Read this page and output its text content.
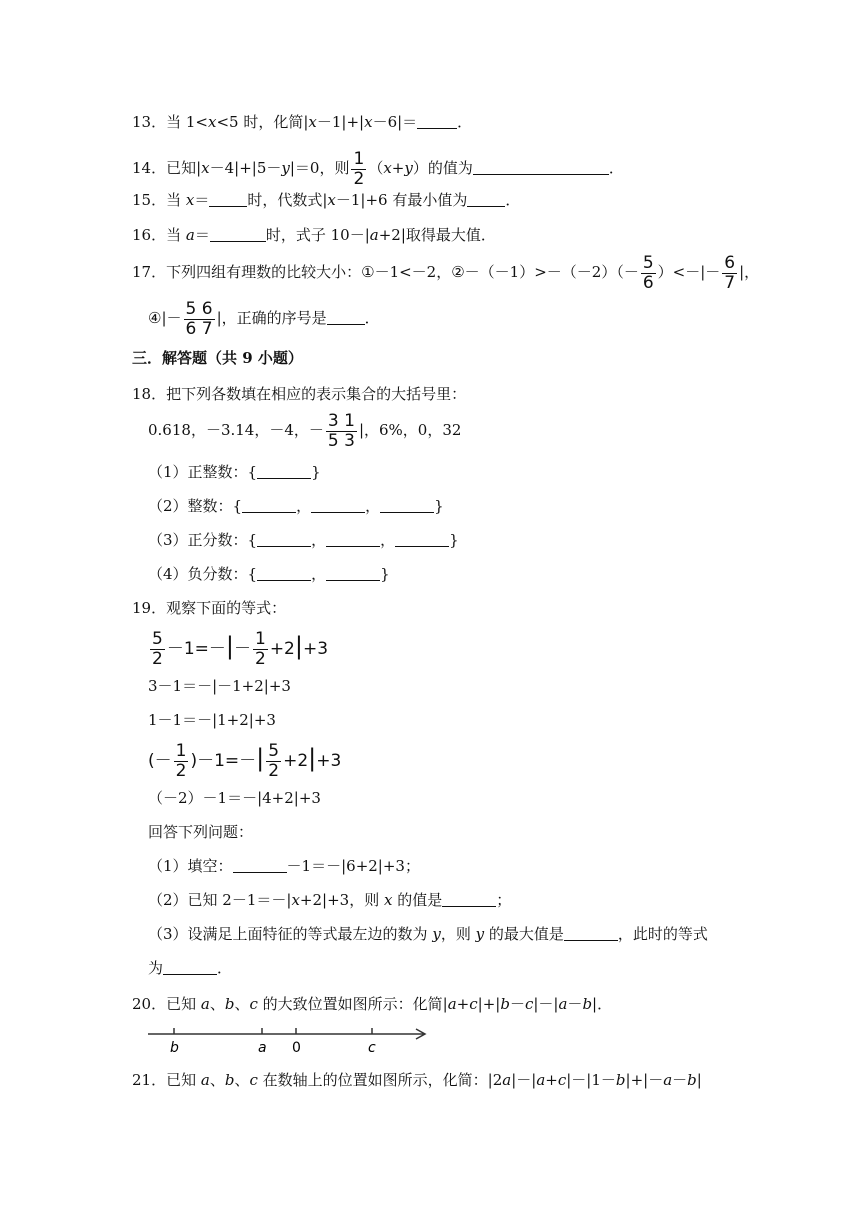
13．当 1<x<5 时，化简|x－1|+|x－6|＝	．
14．已知|x－4|+|5－y|＝0，则 $\frac{1}{2} (x+y)$的值为	．
15．当 x＝	时，代数式|x－1|+6 有最小值为	．
16．当 a＝	时，式子 10－|a+2|取得最大值．
17．下列四组有理数的比较大小：①－1<－2，②－（－1）>－（－2）（－ $\frac{5}{6}$ ）<－|－ $\frac{6}{7}$ |，
④|－ $\frac{5 6}{6 7}$ |，正确的序号是	．
三．解答题（共 9 小题）
18．把下列各数填在相应的表示集合的大括号里：
0.618，－3.14，－4，－ $\frac{3 1}{5 3}$ |，6%，0，32
（1）正整数：{	}
（2）整数：{	，	，	}
（3）正分数：{	，	，	}
（4）负分数：{	，	}
19．观察下面的等式：
$\frac{5}{2} -1=-|- \frac{1}{2} +2|+3$
3－1＝－|－1+2|+3
1－1＝－|1+2|+3
(－ $\frac{1}{2} )-1=-| \frac{5}{2} +2|+3$
（－2）－1＝－|4+2|+3
回答下列问题：
（1）填空：	－1＝－|6+2|+3；
（2）已知 2－1＝－|x+2|+3，则 x 的值是	；
（3）设满足上面特征的等式最左边的数为 y，则 y 的最大值是	，此时的等式
为	．
20．已知 a、b、c 的大致位置如图所示：化简|a+c|+|b－c|－|a－b|．
b	a 0	c
21．已知 a、b、c 在数轴上的位置如图所示，化简：|2a|－|a+c|－|1－b|+|－a－b|
